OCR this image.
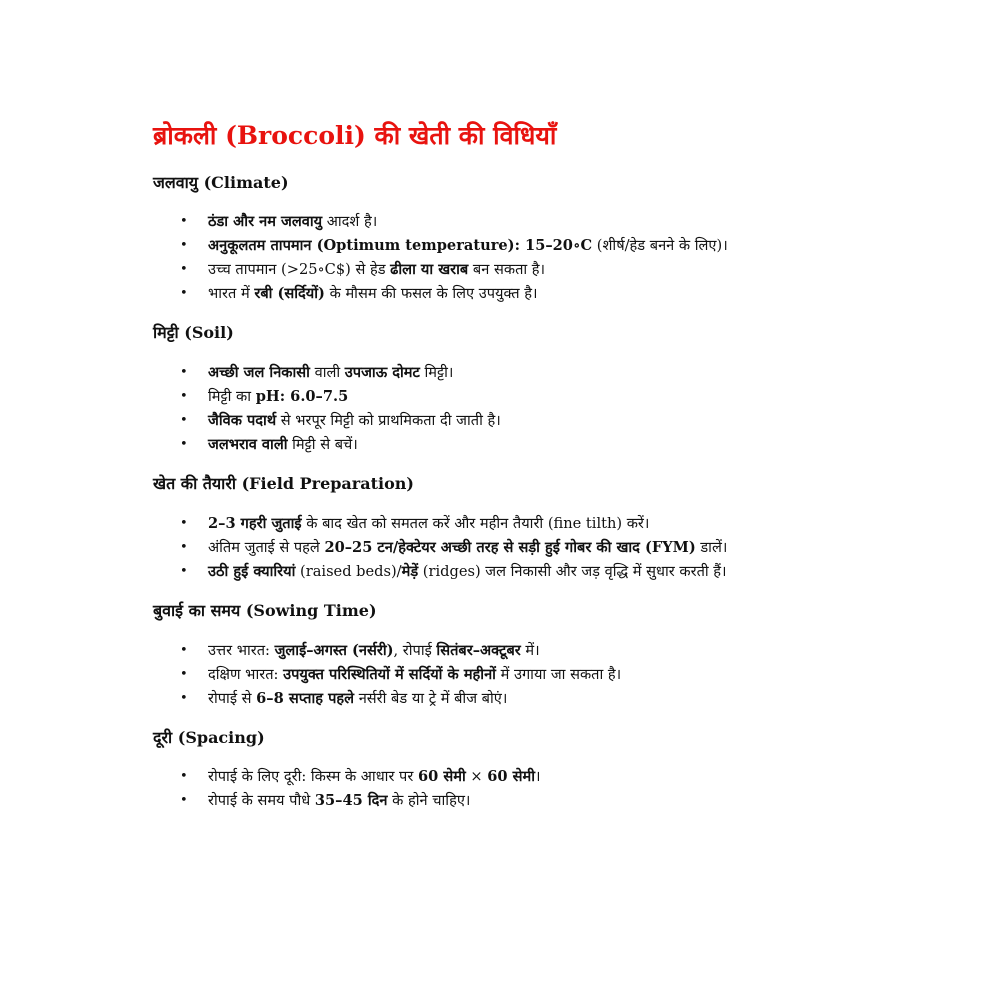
ब्रोकली (Broccoli) की खेती की विधियाँ
जलवायु (Climate)
• ठंडा और नम जलवायु आदर्श है।
• अनुकूलतम तापमान (Optimum temperature): 15–20∘C (शीर्ष/हेड बनने के लिए)।
• उच्च तापमान (>25∘C$) से हेड ढीला या खराब बन सकता है।
• भारत में रबी (सर्दियों) के मौसम की फसल के लिए उपयुक्त है।
मिट्टी (Soil)
• अच्छी जल निकासी वाली उपजाऊ दोमट मिट्टी।
• मिट्टी का pH: 6.0–7.5
• जैविक पदार्थ से भरपूर मिट्टी को प्राथमिकता दी जाती है।
• जलभराव वाली मिट्टी से बचें।
खेत की तैयारी (Field Preparation)
• 2–3 गहरी जुताई के बाद खेत को समतल करें और महीन तैयारी (fine tilth) करें।
• अंतिम जुताई से पहले 20–25 टन/हेक्टेयर अच्छी तरह से सड़ी हुई गोबर की खाद (FYM) डालें।
• उठी हुई क्यारियां (raised beds)/मेड़ें (ridges) जल निकासी और जड़ वृद्धि में सुधार करती हैं।
बुवाई का समय (Sowing Time)
• उत्तर भारत: जुलाई–अगस्त (नर्सरी), रोपाई सितंबर–अक्टूबर में।
• दक्षिण भारत: उपयुक्त परिस्थितियों में सर्दियों के महीनों में उगाया जा सकता है।
• रोपाई से 6–8 सप्ताह पहले नर्सरी बेड या ट्रे में बीज बोएं।
दूरी (Spacing)
• रोपाई के लिए दूरी: किस्म के आधार पर 60 सेमी × 60 सेमी।
• रोपाई के समय पौधे 35–45 दिन के होने चाहिए।
